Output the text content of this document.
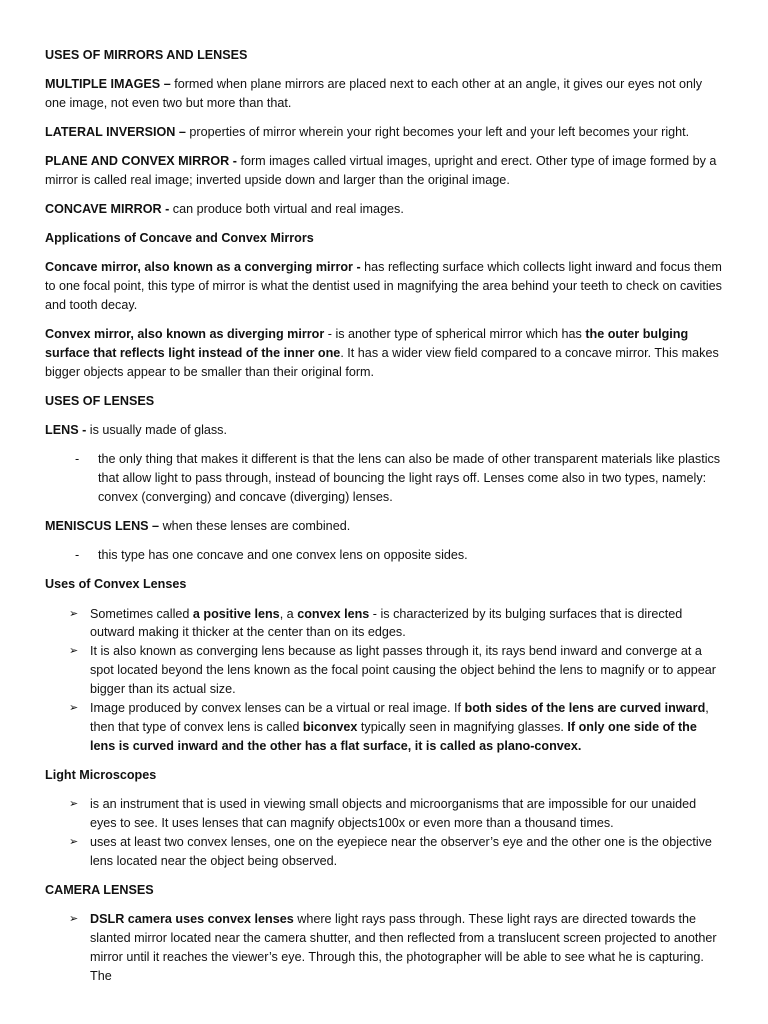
USES OF MIRRORS AND LENSES

MULTIPLE IMAGES – formed when plane mirrors are placed next to each other at an angle, it gives our eyes not only one image, not even two but more than that.

LATERAL INVERSION – properties of mirror wherein your right becomes your left and your left becomes your right.

PLANE AND CONVEX MIRROR - form images called virtual images, upright and erect. Other type of image formed by a mirror is called real image; inverted upside down and larger than the original image.

CONCAVE MIRROR - can produce both virtual and real images.

Applications of Concave and Convex Mirrors

Concave mirror, also known as a converging mirror - has reflecting surface which collects light inward and focus them to one focal point, this type of mirror is what the dentist used in magnifying the area behind your teeth to check on cavities and tooth decay.

Convex mirror, also known as diverging mirror - is another type of spherical mirror which has the outer bulging surface that reflects light instead of the inner one. It has a wider view field compared to a concave mirror. This makes bigger objects appear to be smaller than their original form.

USES OF LENSES

LENS - is usually made of glass.

- the only thing that makes it different is that the lens can also be made of other transparent materials like plastics that allow light to pass through, instead of bouncing the light rays off. Lenses come also in two types, namely: convex (converging) and concave (diverging) lenses.

MENISCUS LENS – when these lenses are combined.

- this type has one concave and one convex lens on opposite sides.

Uses of Convex Lenses

➢ Sometimes called a positive lens, a convex lens - is characterized by its bulging surfaces that is directed outward making it thicker at the center than on its edges.
➢ It is also known as converging lens because as light passes through it, its rays bend inward and converge at a spot located beyond the lens known as the focal point causing the object behind the lens to magnify or to appear bigger than its actual size.
➢ Image produced by convex lenses can be a virtual or real image. If both sides of the lens are curved inward, then that type of convex lens is called biconvex typically seen in magnifying glasses. If only one side of the lens is curved inward and the other has a flat surface, it is called as plano-convex.

Light Microscopes

➢ is an instrument that is used in viewing small objects and microorganisms that are impossible for our unaided eyes to see. It uses lenses that can magnify objects100x or even more than a thousand times.
➢ uses at least two convex lenses, one on the eyepiece near the observer’s eye and the other one is the objective lens located near the object being observed.

CAMERA LENSES

➢ DSLR camera uses convex lenses where light rays pass through. These light rays are directed towards the slanted mirror located near the camera shutter, and then reflected from a translucent screen projected to another mirror until it reaches the viewer’s eye. Through this, the photographer will be able to see what he is capturing. The
